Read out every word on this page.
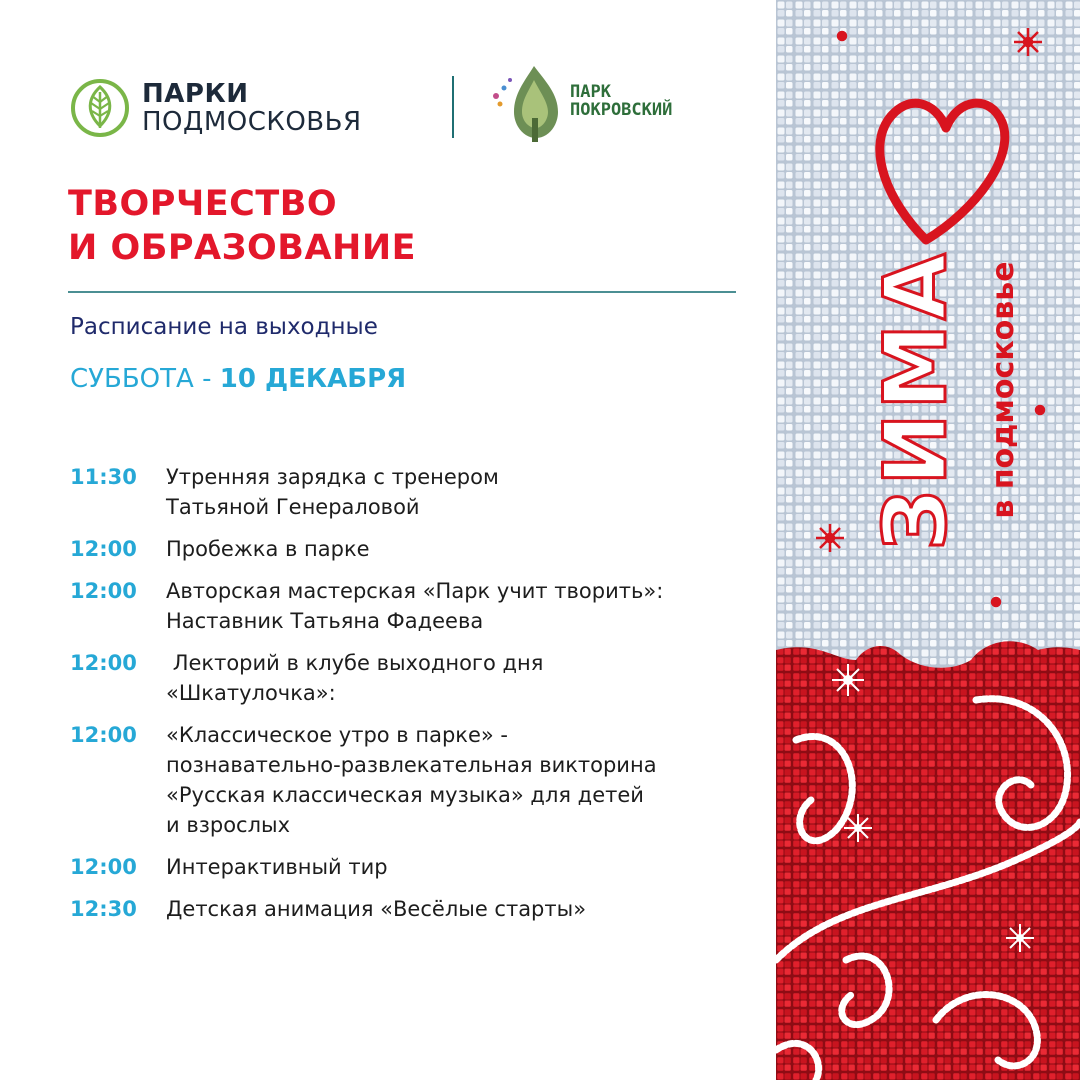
ПАРКИ
ПОДМОСКОВЬЯ
ПАРК
ПОКРОВСКИЙ
ТВОРЧЕСТВО
И ОБРАЗОВАНИЕ
Расписание на выходные
СУББОТА - 10 ДЕКАБРЯ
11:30	Утренняя зарядка с тренером
Татьяной Генераловой
12:00	Пробежка в парке
12:00	Авторская мастерская «Парк учит творить»:
Наставник Татьяна Фадеева
12:00	Лекторий в клубе выходного дня
«Шкатулочка»:
12:00	«Классическое утро в парке» -
познавательно-развлекательная викторина
«Русская классическая музыка» для детей
и взрослых
12:00	Интерактивный тир
12:30	Детская анимация «Весёлые старты»
ЗИМА в подмосковье
